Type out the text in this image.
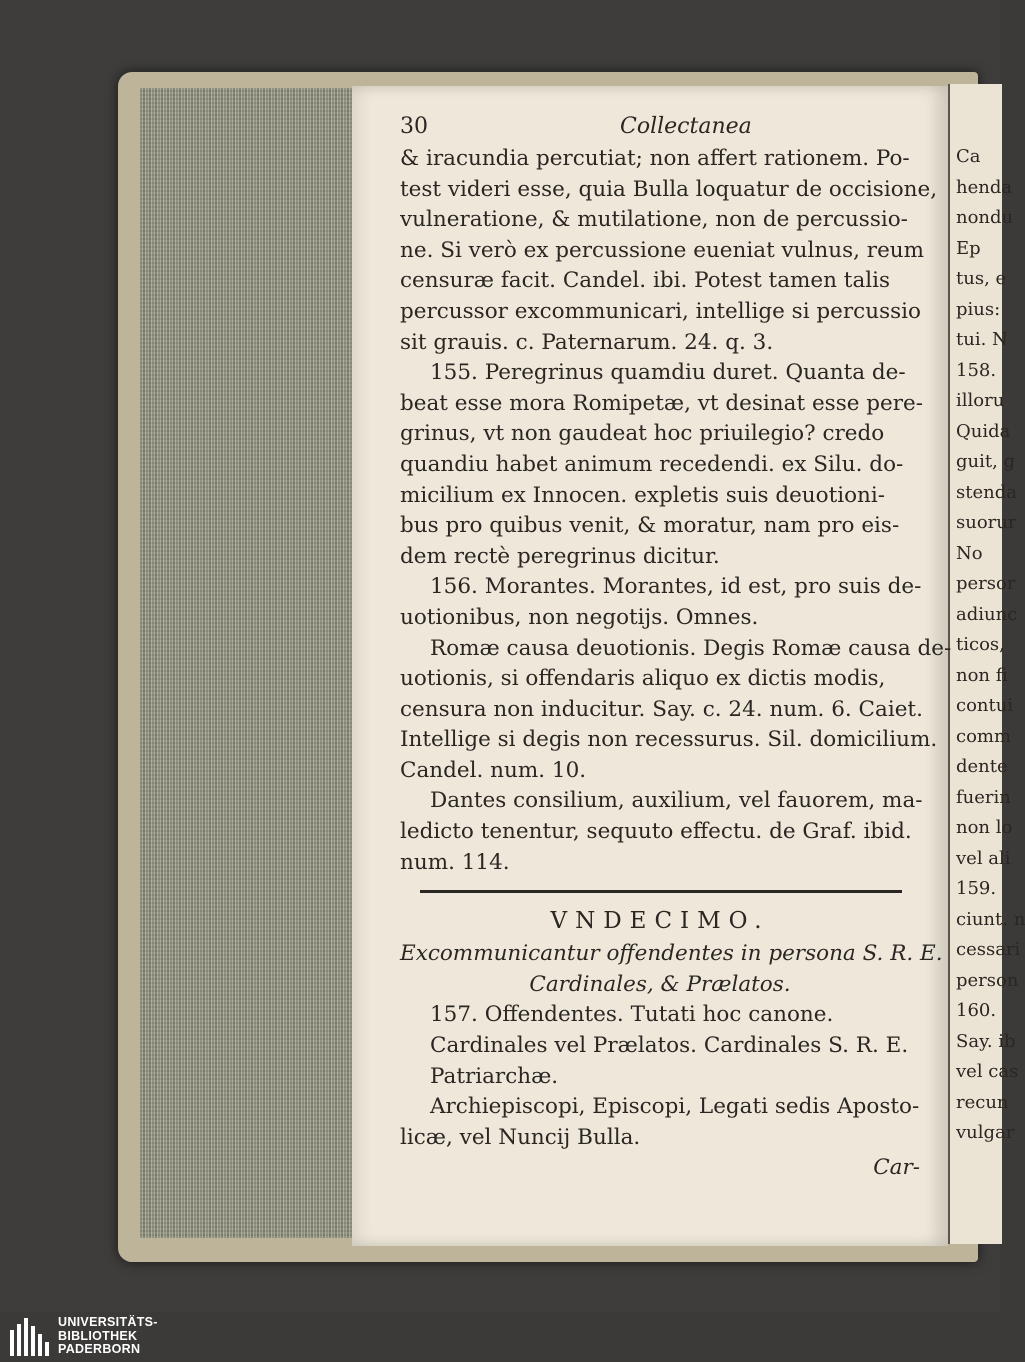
Ca
henda
nondu
Ep
tus, e
pius:
tui. N
158.
illoru
Quida
guit, g
stenda
suorur
No
persor
adiunc
ticos,
non fi
contui
comm
dente
fuerin
non lo
vel ali
159.
ciunt. n
cessari
person
160.
Say. ib
vel cas
recun
vulgar
30	Collectanea
& iracundia percutiat; non affert rationem. Po-
test videri esse, quia Bulla loquatur de occisione,
vulneratione, & mutilatione, non de percussio-
ne. Si verò ex percussione eueniat vulnus, reum
censuræ facit. Candel. ibi. Potest tamen talis
percussor excommunicari, intellige si percussio
sit grauis. c. Paternarum. 24. q. 3.
155. Peregrinus quamdiu duret. Quanta de-
beat esse mora Romipetæ, vt desinat esse pere-
grinus, vt non gaudeat hoc priuilegio? credo
quandiu habet animum recedendi. ex Silu. do-
micilium ex Innocen. expletis suis deuotioni-
bus pro quibus venit, & moratur, nam pro eis-
dem rectè peregrinus dicitur.
156. Morantes. Morantes, id est, pro suis de-
uotionibus, non negotijs. Omnes.
Romæ causa deuotionis. Degis Romæ causa de-
uotionis, si offendaris aliquo ex dictis modis,
censura non inducitur. Say. c. 24. num. 6. Caiet.
Intellige si degis non recessurus. Sil. domicilium.
Candel. num. 10.
Dantes consilium, auxilium, vel fauorem, ma-
ledicto tenentur, sequuto effectu. de Graf. ibid.
num. 114.
VNDECIMO.
Excommunicantur offendentes in persona S. R. E.
Cardinales, & Prælatos.
157. Offendentes. Tutati hoc canone.
Cardinales vel Prælatos. Cardinales S. R. E.
Patriarchæ.
Archiepiscopi, Episcopi, Legati sedis Aposto-
licæ, vel Nuncij Bulla.
Car-
UNIVERSITÄTS-
BIBLIOTHEK
PADERBORN
